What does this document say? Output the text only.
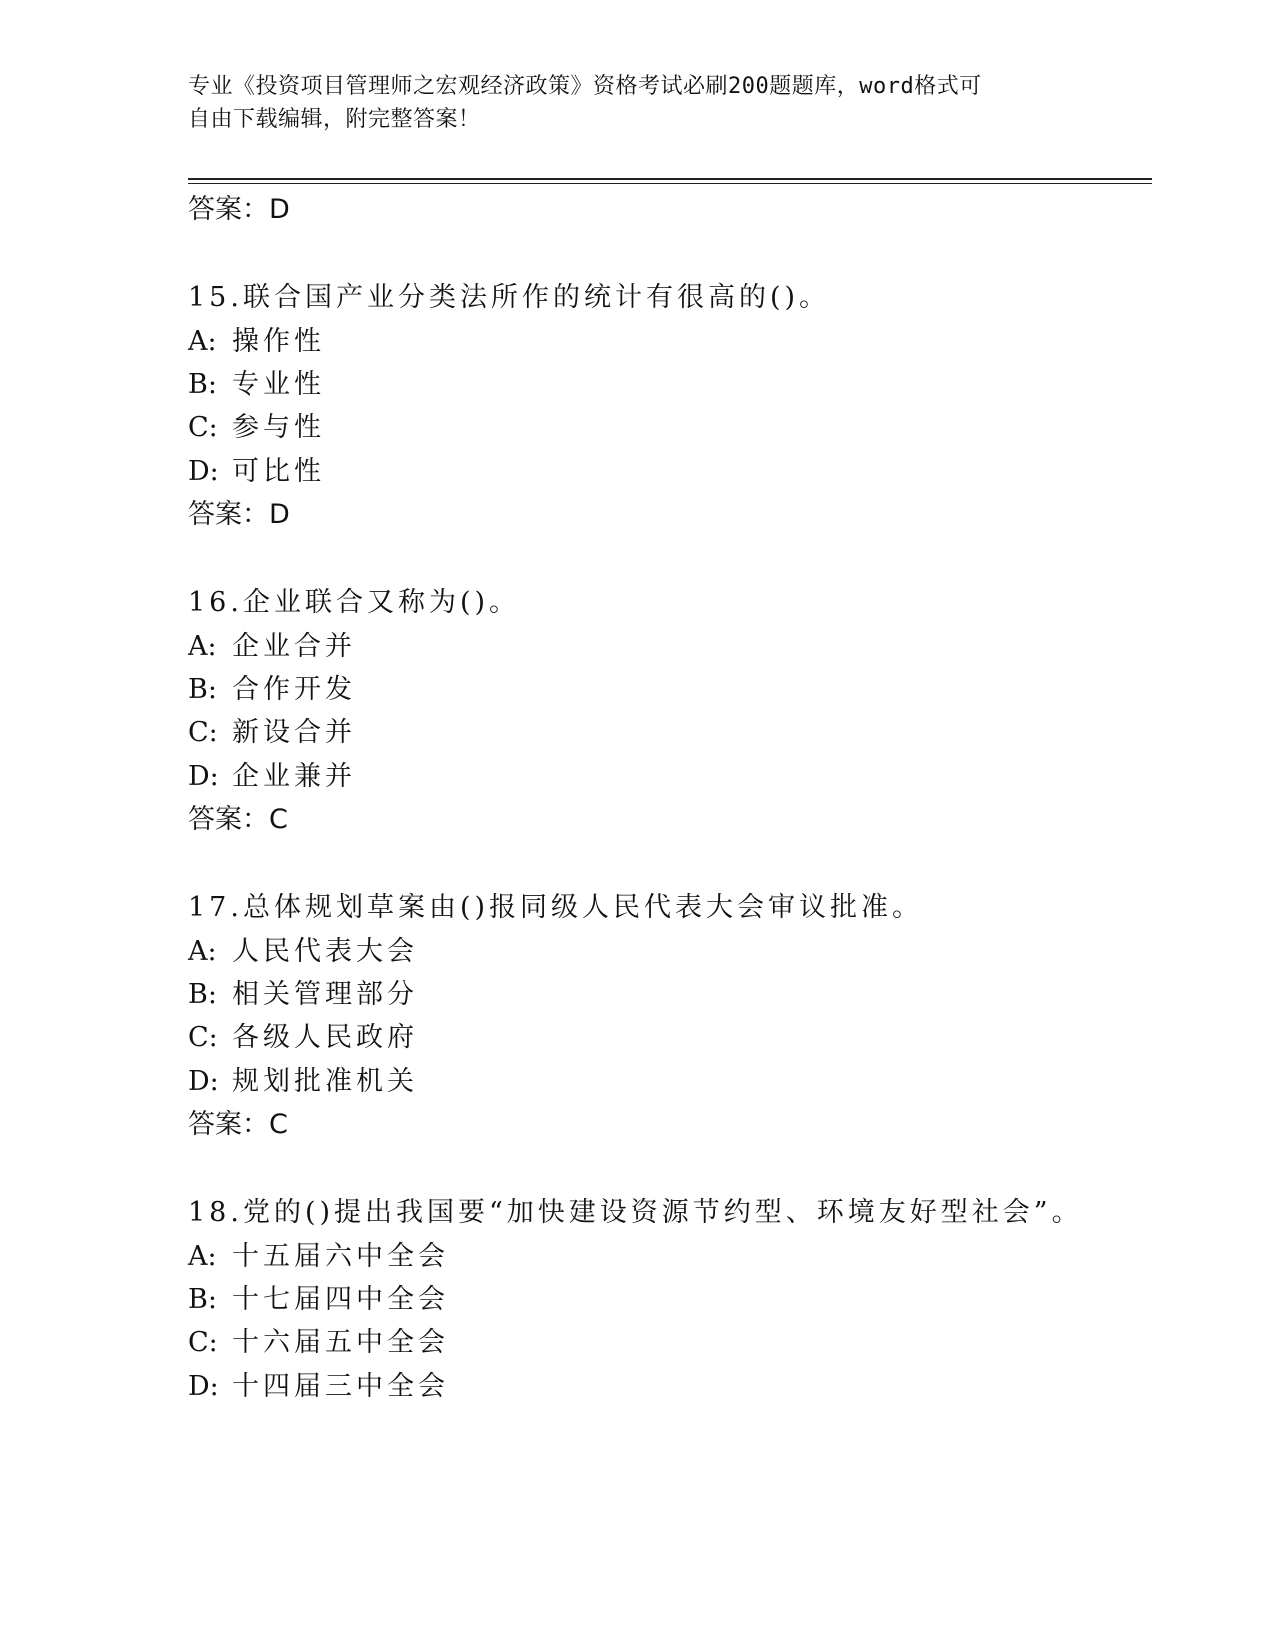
专业《投资项目管理师之宏观经济政策》资格考试必刷200题题库，word格式可
自由下载编辑，附完整答案！
答案：D
15.联合国产业分类法所作的统计有很高的()。
A: 操作性
B: 专业性
C: 参与性
D: 可比性
答案：D
16.企业联合又称为()。
A: 企业合并
B: 合作开发
C: 新设合并
D: 企业兼并
答案：C
17.总体规划草案由()报同级人民代表大会审议批准。
A: 人民代表大会
B: 相关管理部分
C: 各级人民政府
D: 规划批准机关
答案：C
18.党的()提出我国要“加快建设资源节约型、环境友好型社会”。
A: 十五届六中全会
B: 十七届四中全会
C: 十六届五中全会
D: 十四届三中全会
